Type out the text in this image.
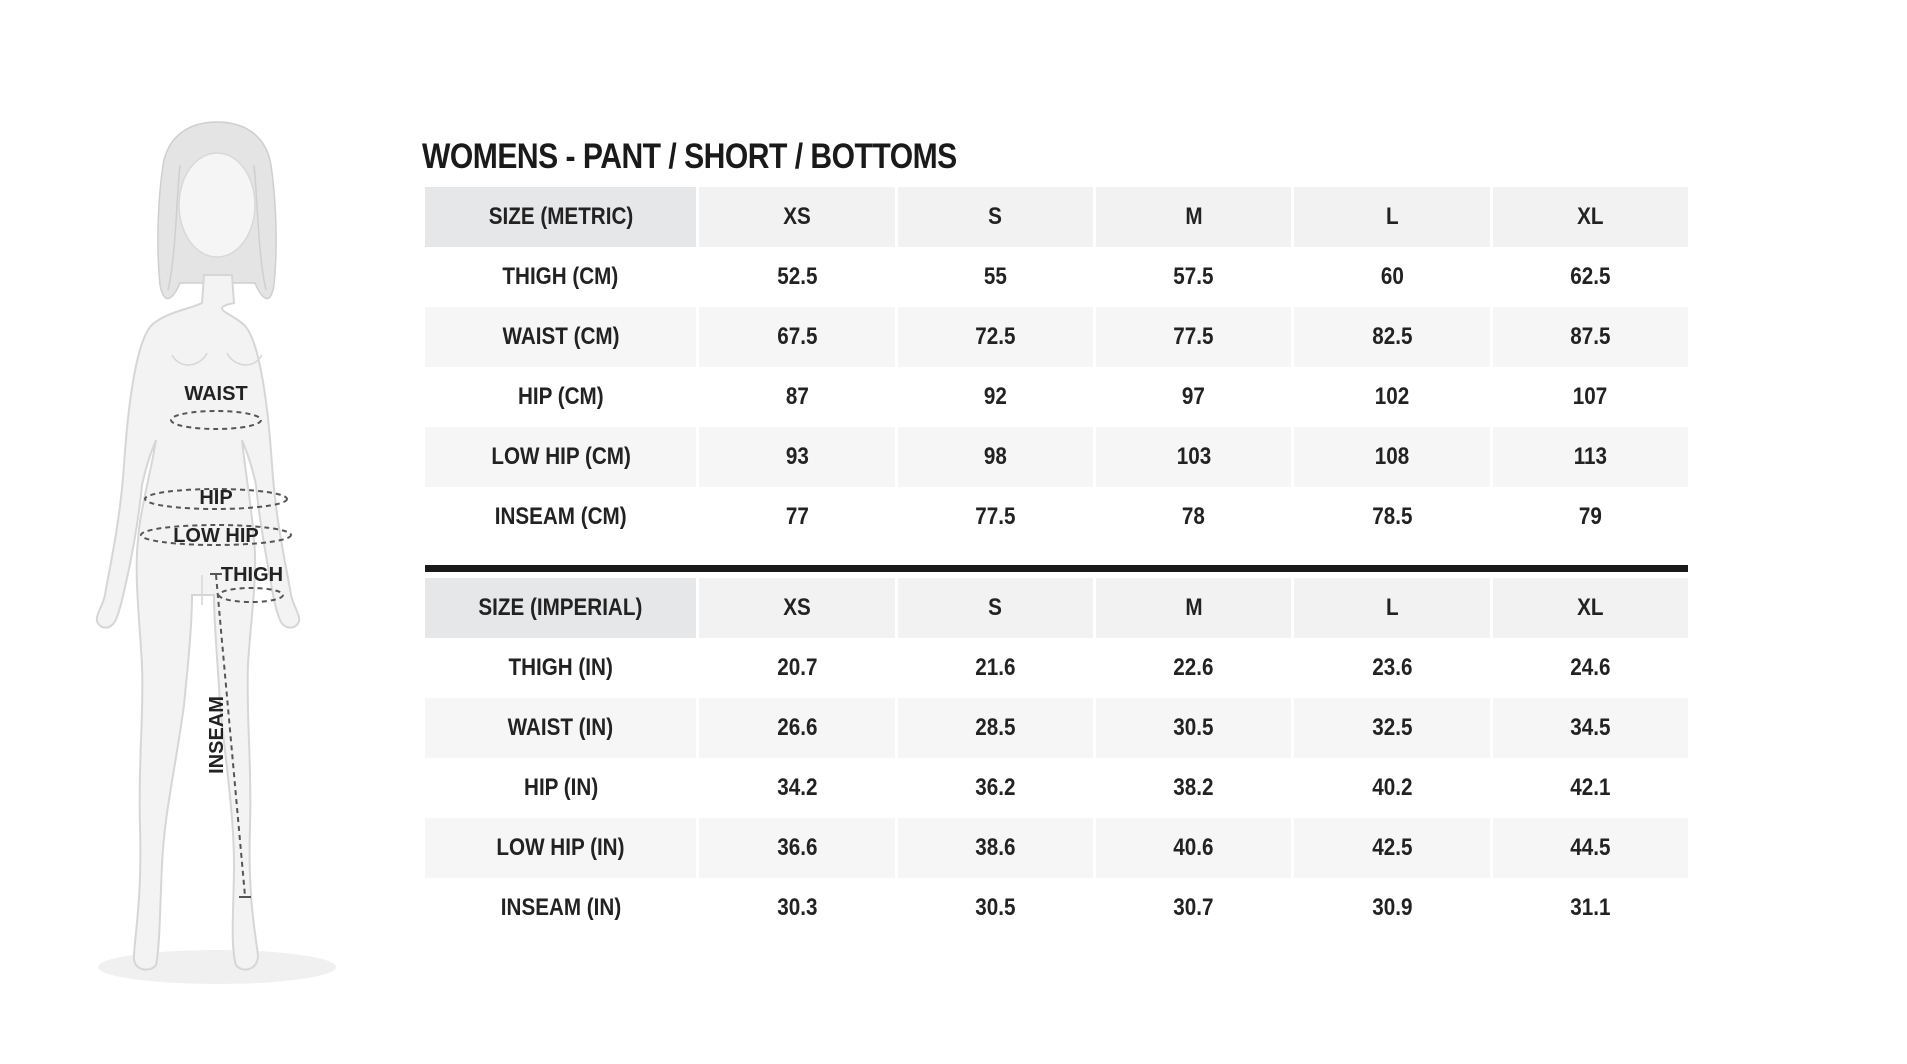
WAIST
HIP
LOW HIP
THIGH
INSEAM
WOMENS - PANT / SHORT / BOTTOMS
SIZE (METRIC)	XS	S	M	L	XL
THIGH (CM)	52.5	55	57.5	60	62.5
WAIST (CM)	67.5	72.5	77.5	82.5	87.5
HIP (CM)	87	92	97	102	107
LOW HIP (CM)	93	98	103	108	113
INSEAM (CM)	77	77.5	78	78.5	79
SIZE (IMPERIAL)	XS	S	M	L	XL
THIGH (IN)	20.7	21.6	22.6	23.6	24.6
WAIST (IN)	26.6	28.5	30.5	32.5	34.5
HIP (IN)	34.2	36.2	38.2	40.2	42.1
LOW HIP (IN)	36.6	38.6	40.6	42.5	44.5
INSEAM (IN)	30.3	30.5	30.7	30.9	31.1
